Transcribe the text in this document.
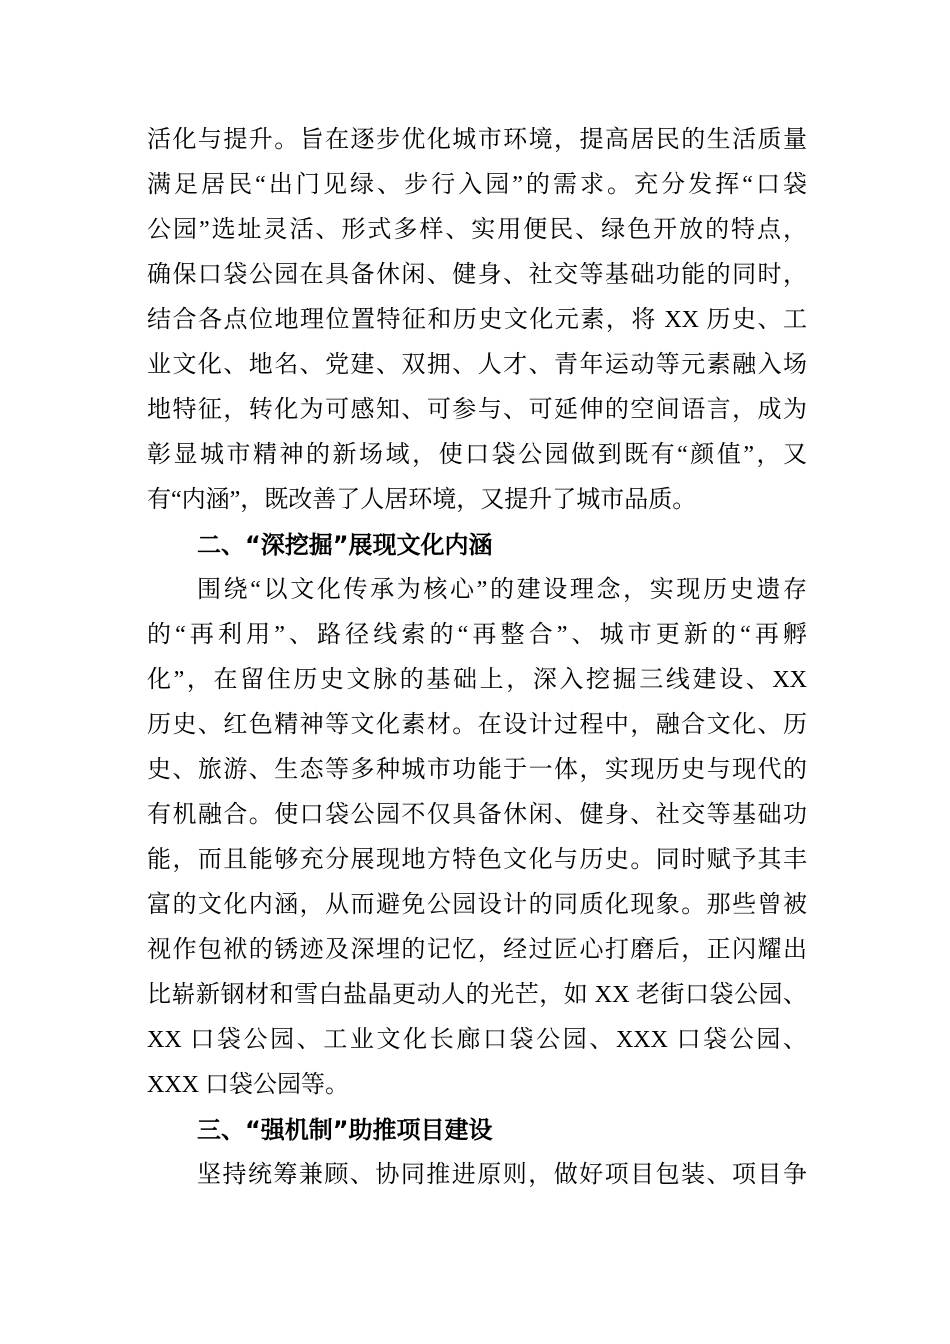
活化与提升。旨在逐步优化城市环境，提高居民的生活质量
满足居民“出门见绿、步行入园”的需求。充分发挥“口袋
公园”选址灵活、形式多样、实用便民、绿色开放的特点，
确保口袋公园在具备休闲、健身、社交等基础功能的同时，
结合各点位地理位置特征和历史文化元素，将 XX 历史、工
业文化、地名、党建、双拥、人才、青年运动等元素融入场
地特征，转化为可感知、可参与、可延伸的空间语言，成为
彰显城市精神的新场域，使口袋公园做到既有“颜值”，又
有“内涵”，既改善了人居环境，又提升了城市品质。
二、“深挖掘”展现文化内涵
围绕“以文化传承为核心”的建设理念，实现历史遗存
的“再利用”、路径线索的“再整合”、城市更新的“再孵
化”，在留住历史文脉的基础上，深入挖掘三线建设、XX
历史、红色精神等文化素材。在设计过程中，融合文化、历
史、旅游、生态等多种城市功能于一体，实现历史与现代的
有机融合。使口袋公园不仅具备休闲、健身、社交等基础功
能，而且能够充分展现地方特色文化与历史。同时赋予其丰
富的文化内涵，从而避免公园设计的同质化现象。那些曾被
视作包袱的锈迹及深埋的记忆，经过匠心打磨后，正闪耀出
比崭新钢材和雪白盐晶更动人的光芒，如 XX 老街口袋公园、
XX 口袋公园、工业文化长廊口袋公园、XXX 口袋公园、
XXX 口袋公园等。
三、“强机制”助推项目建设
坚持统筹兼顾、协同推进原则，做好项目包装、项目争
